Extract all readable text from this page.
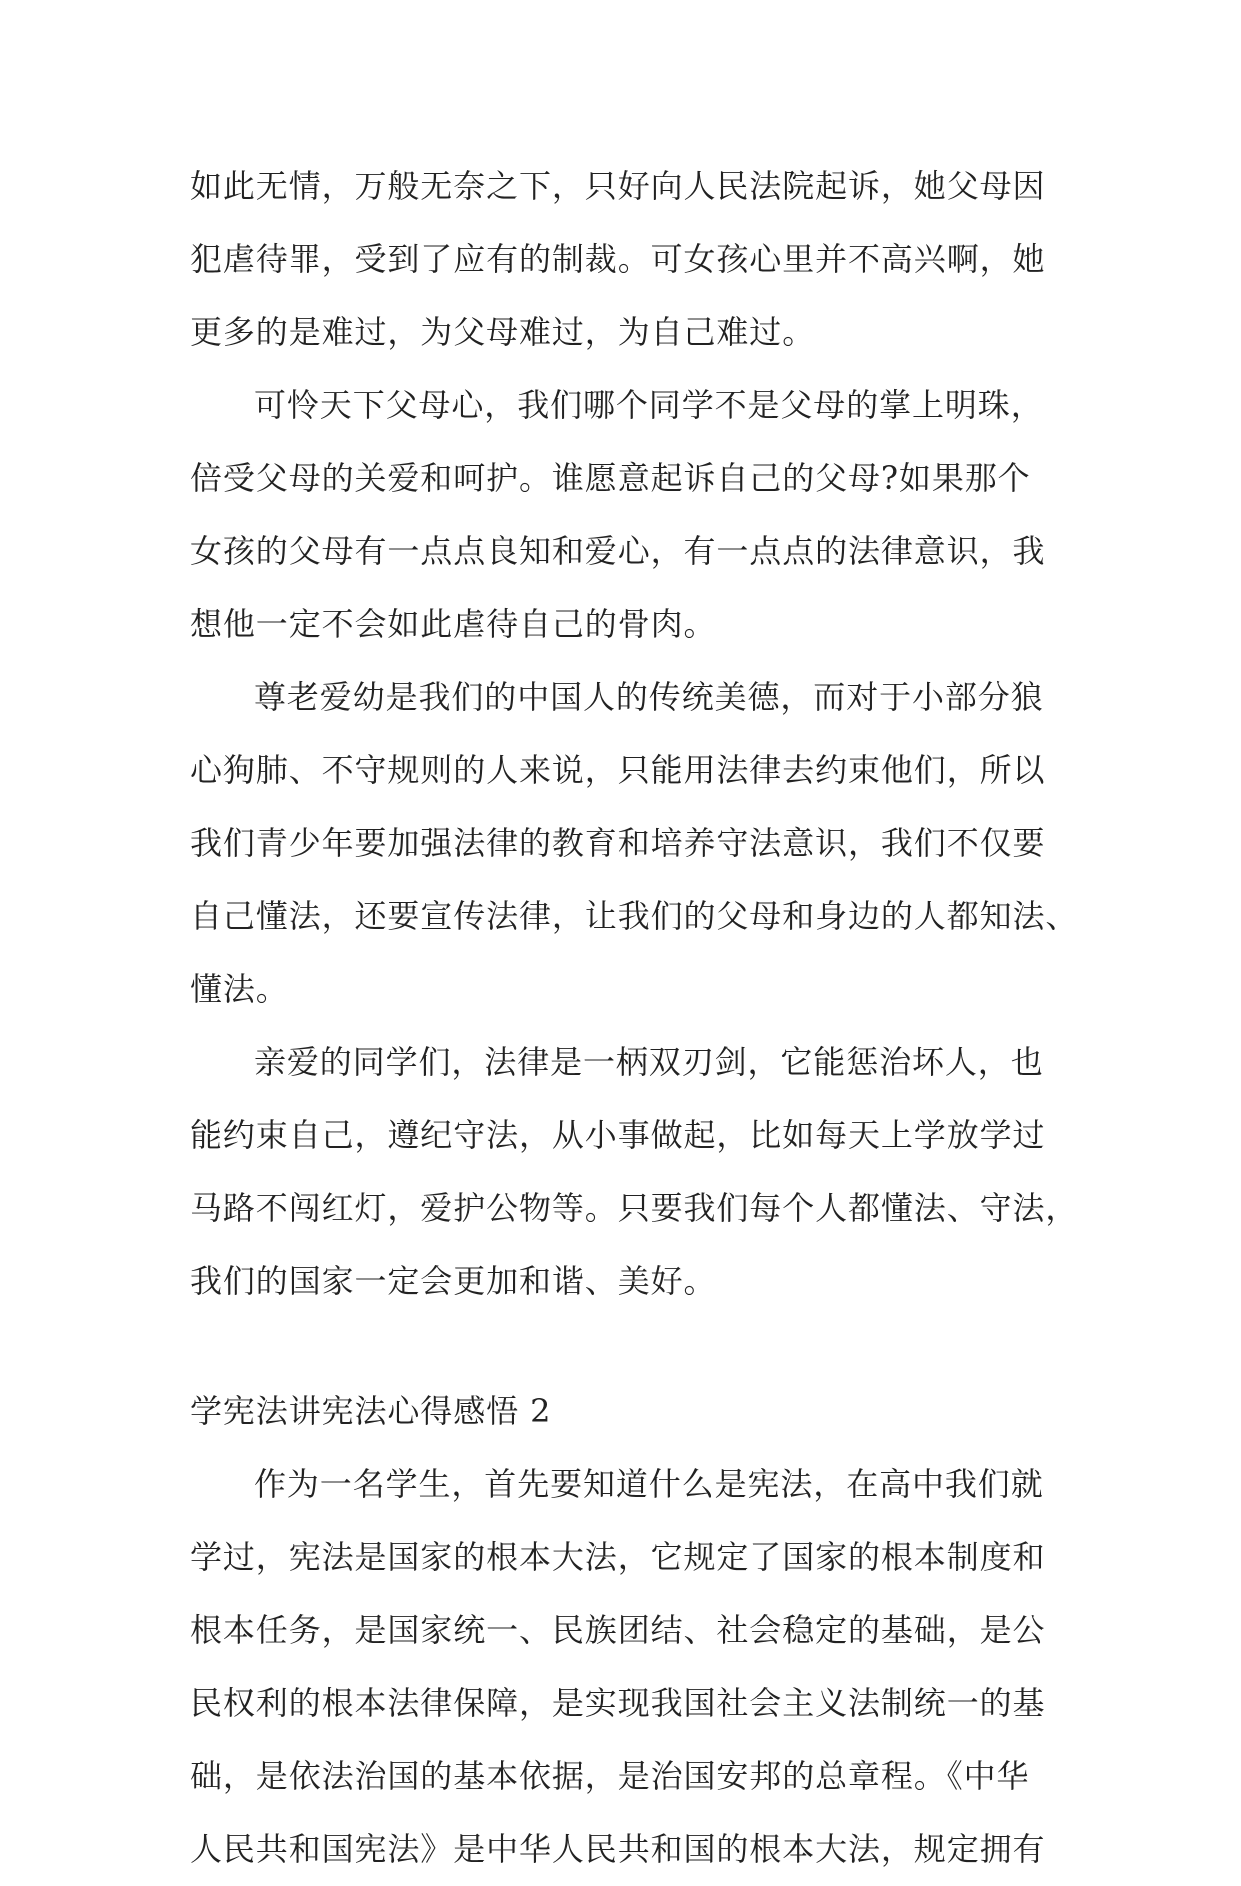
如此无情，万般无奈之下，只好向人民法院起诉，她父母因
犯虐待罪，受到了应有的制裁。可女孩心里并不高兴啊，她
更多的是难过，为父母难过，为自己难过。
可怜天下父母心，我们哪个同学不是父母的掌上明珠，
倍受父母的关爱和呵护。谁愿意起诉自己的父母?如果那个
女孩的父母有一点点良知和爱心，有一点点的法律意识，我
想他一定不会如此虐待自己的骨肉。
尊老爱幼是我们的中国人的传统美德，而对于小部分狼
心狗肺、不守规则的人来说，只能用法律去约束他们，所以
我们青少年要加强法律的教育和培养守法意识，我们不仅要
自己懂法，还要宣传法律，让我们的父母和身边的人都知法、
懂法。
亲爱的同学们，法律是一柄双刃剑，它能惩治坏人，也
能约束自己，遵纪守法，从小事做起，比如每天上学放学过
马路不闯红灯，爱护公物等。只要我们每个人都懂法、守法，
我们的国家一定会更加和谐、美好。
学宪法讲宪法心得感悟 2
作为一名学生，首先要知道什么是宪法，在高中我们就
学过，宪法是国家的根本大法，它规定了国家的根本制度和
根本任务，是国家统一、民族团结、社会稳定的基础，是公
民权利的根本法律保障，是实现我国社会主义法制统一的基
础，是依法治国的基本依据，是治国安邦的总章程。《中华
人民共和国宪法》是中华人民共和国的根本大法，规定拥有
